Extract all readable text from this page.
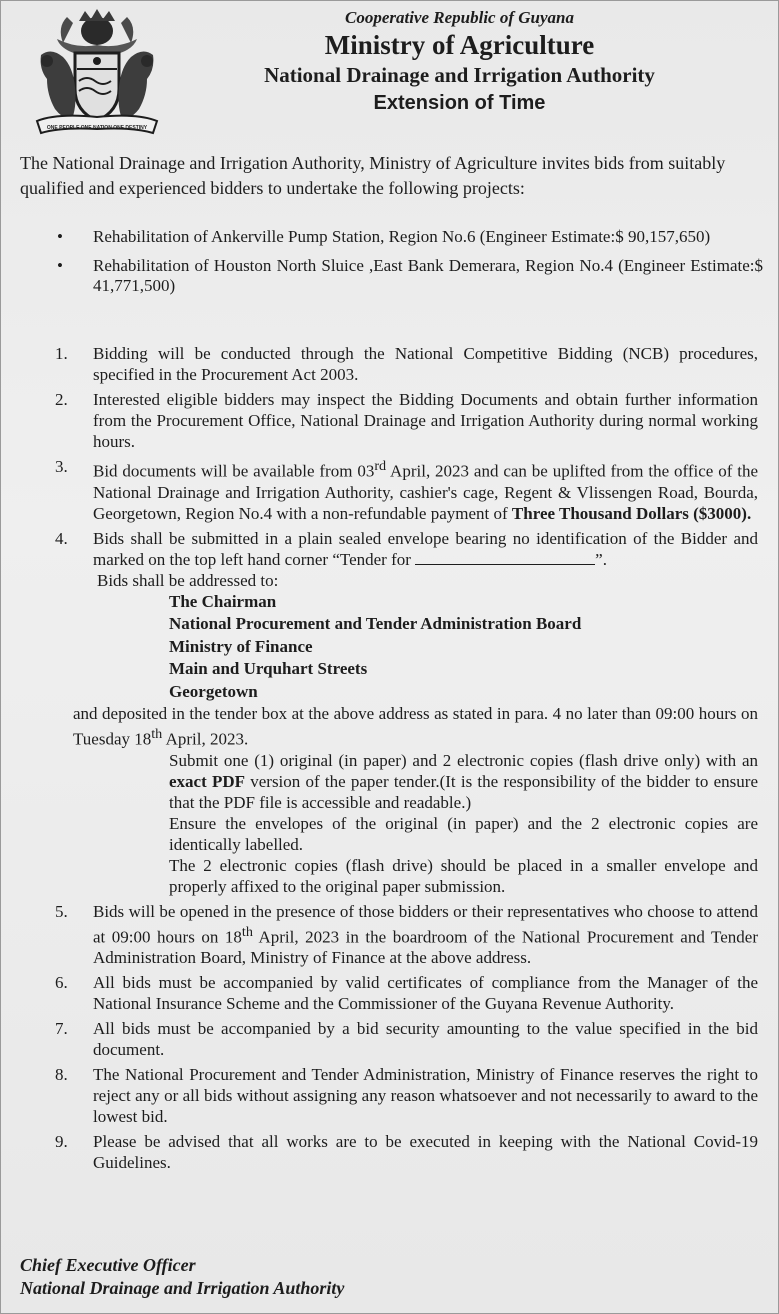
ONE PEOPLE ONE NATION ONE DESTINY
Cooperative Republic of Guyana
Ministry of Agriculture
National Drainage and Irrigation Authority
Extension of Time

The National Drainage and Irrigation Authority, Ministry of Agriculture invites bids from suitably qualified and experienced bidders to undertake the following projects:

• Rehabilitation of Ankerville Pump Station, Region No.6 (Engineer Estimate:$ 90,157,650)
• Rehabilitation of Houston North Sluice ,East Bank Demerara, Region No.4 (Engineer Estimate:$ 41,771,500)
1. Bidding will be conducted through the National Competitive Bidding (NCB) procedures, specified in the Procurement Act 2003.
2. Interested eligible bidders may inspect the Bidding Documents and obtain further information from the Procurement Office, National Drainage and Irrigation Authority during normal working hours.
3. Bid documents will be available from 03rd April, 2023 and can be uplifted from the office of the National Drainage and Irrigation Authority, cashier's cage, Regent & Vlissengen Road, Bourda, Georgetown, Region No.4 with a non-refundable payment of Three Thousand Dollars ($3000).
4. Bids shall be submitted in a plain sealed envelope bearing no identification of the Bidder and marked on the top left hand corner “Tender for	”.
Bids shall be addressed to:
The Chairman
National Procurement and Tender Administration Board
Ministry of Finance
Main and Urquhart Streets
Georgetown
and deposited in the tender box at the above address as stated in para. 4 no later than 09:00 hours on Tuesday 18th April, 2023.
Submit one (1) original (in paper) and 2 electronic copies (flash drive only) with an exact PDF version of the paper tender.(It is the responsibility of the bidder to ensure that the PDF file is accessible and readable.)
Ensure the envelopes of the original (in paper) and the 2 electronic copies are identically labelled.
The 2 electronic copies (flash drive) should be placed in a smaller envelope and properly affixed to the original paper submission.
5. Bids will be opened in the presence of those bidders or their representatives who choose to attend at 09:00 hours on 18th April, 2023 in the boardroom of the National Procurement and Tender Administration Board, Ministry of Finance at the above address.
6. All bids must be accompanied by valid certificates of compliance from the Manager of the National Insurance Scheme and the Commissioner of the Guyana Revenue Authority.
7. All bids must be accompanied by a bid security amounting to the value specified in the bid document.
8. The National Procurement and Tender Administration, Ministry of Finance reserves the right to reject any or all bids without assigning any reason whatsoever and not necessarily to award to the lowest bid.
9. Please be advised that all works are to be executed in keeping with the National Covid-19 Guidelines.
Chief Executive Officer
National Drainage and Irrigation Authority
